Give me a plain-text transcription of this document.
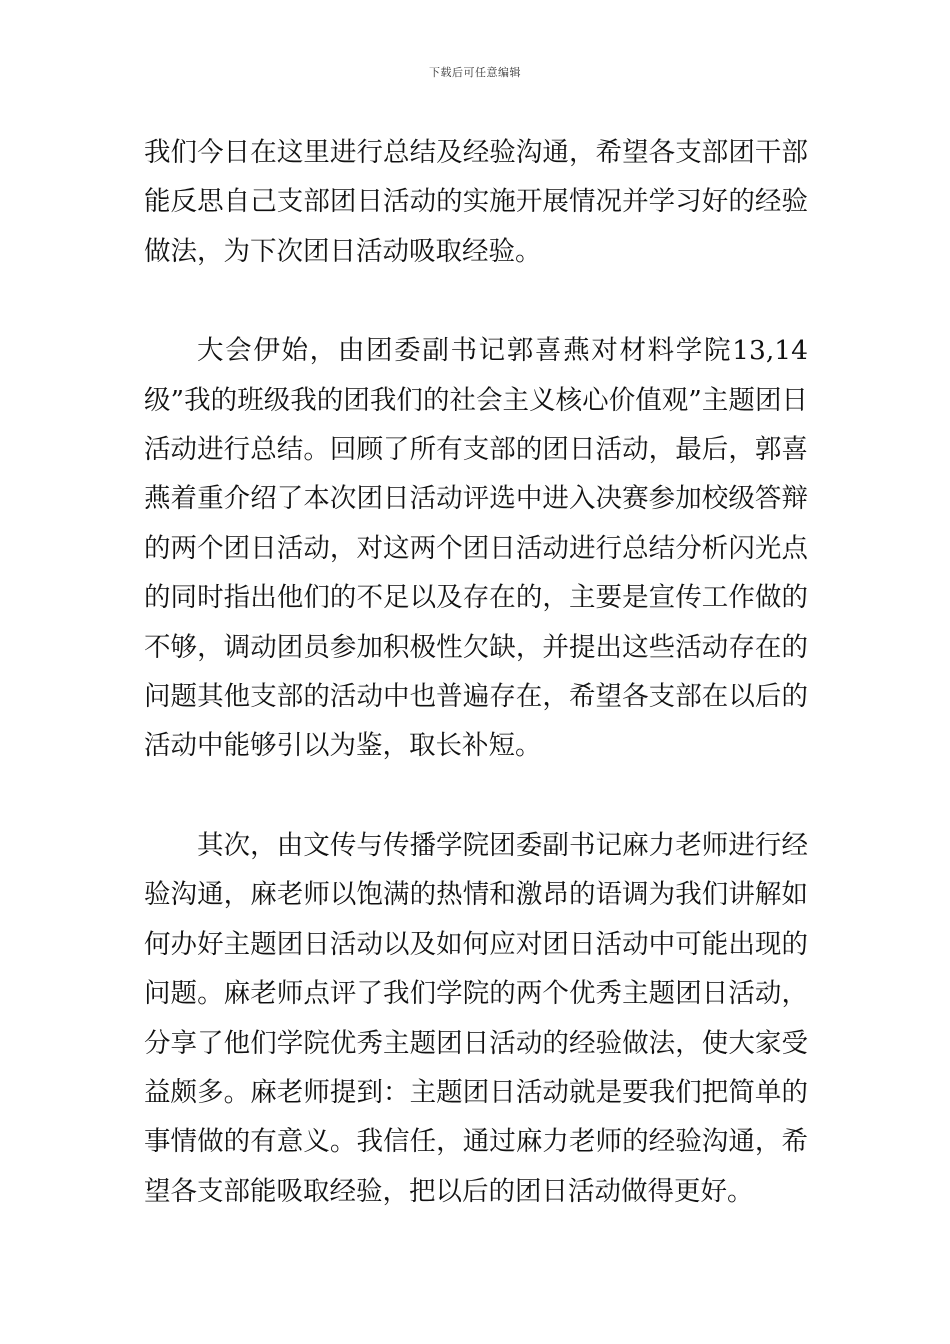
下载后可任意编辑

我们今日在这里进行总结及经验沟通，希望各支部团干部能反思自己支部团日活动的实施开展情况并学习好的经验做法，为下次团日活动吸取经验。

大会伊始，由团委副书记郭喜燕对材料学院13,14级”我的班级我的团我们的社会主义核心价值观”主题团日活动进行总结。回顾了所有支部的团日活动，最后，郭喜燕着重介绍了本次团日活动评选中进入决赛参加校级答辩的两个团日活动，对这两个团日活动进行总结分析闪光点的同时指出他们的不足以及存在的，主要是宣传工作做的不够，调动团员参加积极性欠缺，并提出这些活动存在的问题其他支部的活动中也普遍存在，希望各支部在以后的活动中能够引以为鉴，取长补短。

其次，由文传与传播学院团委副书记麻力老师进行经验沟通，麻老师以饱满的热情和激昂的语调为我们讲解如何办好主题团日活动以及如何应对团日活动中可能出现的问题。麻老师点评了我们学院的两个优秀主题团日活动，分享了他们学院优秀主题团日活动的经验做法，使大家受益颇多。麻老师提到：主题团日活动就是要我们把简单的事情做的有意义。我信任，通过麻力老师的经验沟通，希望各支部能吸取经验，把以后的团日活动做得更好。
